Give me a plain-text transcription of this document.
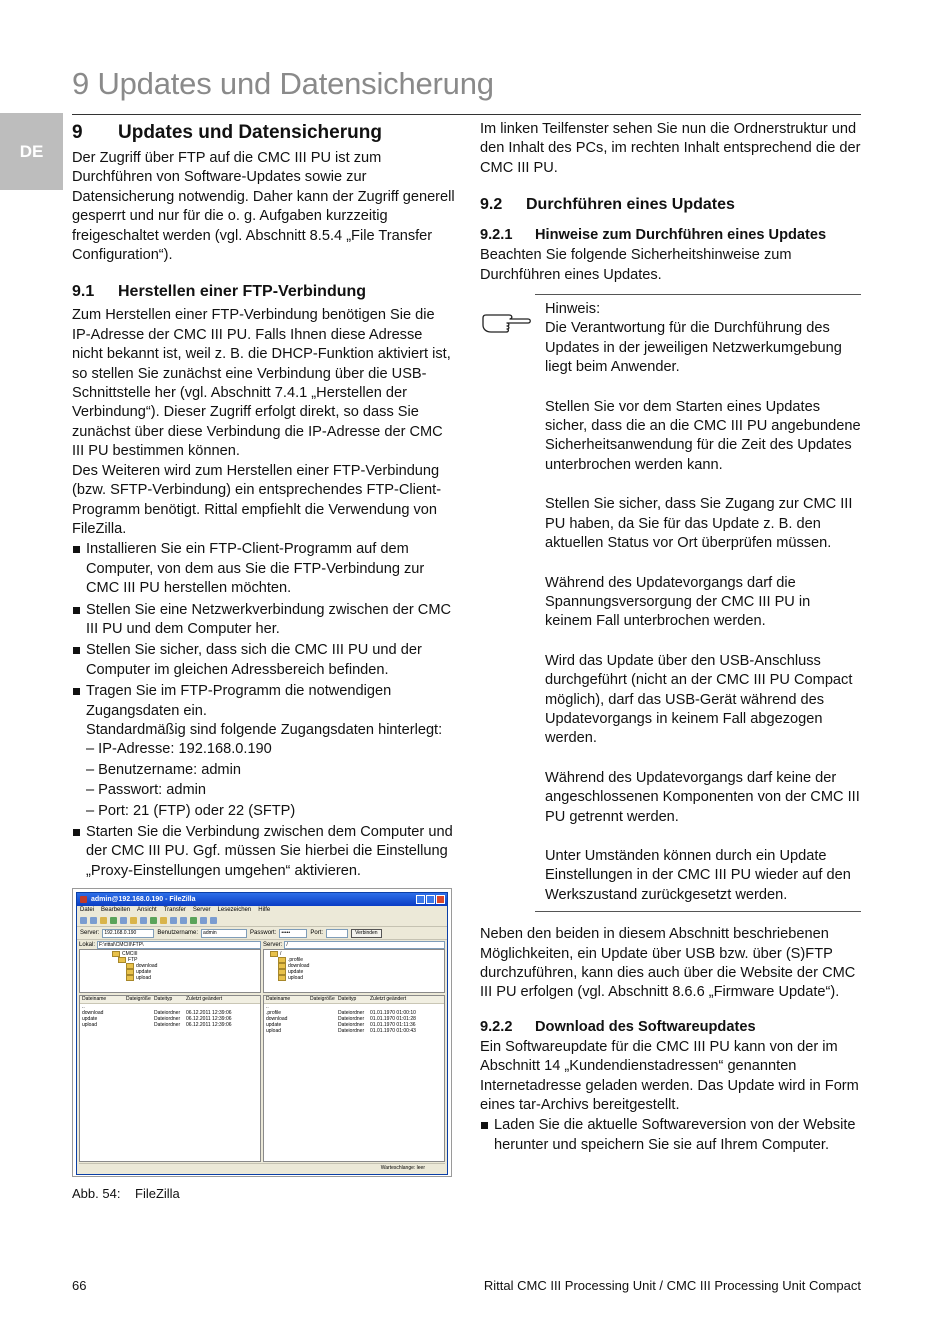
9 Updates und Datensicherung
DE
9	Updates und Datensicherung

Der Zugriff über FTP auf die CMC III PU ist zum Durchführen von Software-Updates sowie zur Datensicherung notwendig. Daher kann der Zugriff generell gesperrt und nur für die o. g. Aufgaben kurzzeitig freigeschaltet werden (vgl. Abschnitt 8.5.4 „File Transfer Configuration“).

9.1	Herstellen einer FTP-Verbindung

Zum Herstellen einer FTP-Verbindung benötigen Sie die IP-Adresse der CMC III PU. Falls Ihnen diese Adresse nicht bekannt ist, weil z. B. die DHCP-Funktion aktiviert ist, so stellen Sie zunächst eine Verbindung über die USB-Schnittstelle her (vgl. Abschnitt 7.4.1 „Herstellen der Verbindung“). Dieser Zugriff erfolgt direkt, so dass Sie zunächst über diese Verbindung die IP-Adresse der CMC III PU bestimmen können.

Des Weiteren wird zum Herstellen einer FTP-Verbindung (bzw. SFTP-Verbindung) ein entsprechendes FTP-Client-Programm benötigt. Rittal empfiehlt die Verwendung von FileZilla.

Installieren Sie ein FTP-Client-Programm auf dem Computer, von dem aus Sie die FTP-Verbindung zur CMC III PU herstellen möchten.
Stellen Sie eine Netzwerkverbindung zwischen der CMC III PU und dem Computer her.
Stellen Sie sicher, dass sich die CMC III PU und der Computer im gleichen Adressbereich befinden.
Tragen Sie im FTP-Programm die notwendigen Zugangsdaten ein.
Standardmäßig sind folgende Zugangsdaten hinterlegt:
– IP-Adresse: 192.168.0.190
– Benutzername: admin
– Passwort: admin
– Port: 21 (FTP) oder 22 (SFTP)
Starten Sie die Verbindung zwischen dem Computer und der CMC III PU. Ggf. müssen Sie hierbei die Einstellung „Proxy-Einstellungen umgehen“ aktivieren.
admin@192.168.0.190 - FileZilla
Datei Bearbeiten Ansicht Transfer Server Lesezeichen Hilfe
Server:	192.168.0.190	Benutzername:	admin	Passwort:	•••••	Port:	Verbinden
Lokal: F:\rittal\CMCIII\FTP\
CMCIII
FTP
download
update
upload
Dateiname	Dateigröße Dateityp	Zuletzt geändert
..
download	Dateiordner	06.12.2011 12:39:06
update	Dateiordner	06.12.2011 12:39:06
upload	Dateiordner	06.12.2011 12:39:06
Server: /
/
.profile
download
update
upload
Dateiname	Dateigröße Dateityp	Zuletzt geändert
..
.profile	Dateiordner	01.01.1970 01:00:10
download	Dateiordner	01.01.1970 01:01:28
update	Dateiordner	01.01.1970 01:11:36
upload	Dateiordner	01.01.1970 01:00:43
Warteschlange: leer
Abb. 54:	FileZilla

Im linken Teilfenster sehen Sie nun die Ordnerstruktur und den Inhalt des PCs, im rechten Inhalt entsprechend die der CMC III PU.

9.2	Durchführen eines Updates
9.2.1	Hinweise zum Durchführen eines Updates

Beachten Sie folgende Sicherheitshinweise zum Durchführen eines Updates.

Hinweis:

Die Verantwortung für die Durchführung des Updates in der jeweiligen Netzwerkumgebung liegt beim Anwender.

Stellen Sie vor dem Starten eines Updates sicher, dass die an die CMC III PU angebundene Sicherheitsanwendung für die Zeit des Updates unterbrochen werden kann.

Stellen Sie sicher, dass Sie Zugang zur CMC III PU haben, da Sie für das Update z. B. den aktuellen Status vor Ort überprüfen müssen.

Während des Updatevorgangs darf die Spannungsversorgung der CMC III PU in keinem Fall unterbrochen werden.

Wird das Update über den USB-Anschluss durchgeführt (nicht an der CMC III PU Compact möglich), darf das USB-Gerät während des Updatevorgangs in keinem Fall abgezogen werden.

Während des Updatevorgangs darf keine der angeschlossenen Komponenten von der CMC III PU getrennt werden.

Unter Umständen können durch ein Update Einstellungen in der CMC III PU wieder auf den Werkszustand zurückgesetzt werden.

Neben den beiden in diesem Abschnitt beschriebenen Möglichkeiten, ein Update über USB bzw. über (S)FTP durchzuführen, kann dies auch über die Website der CMC III PU erfolgen (vgl. Abschnitt 8.6.6 „Firmware Update“).

9.2.2	Download des Softwareupdates

Ein Softwareupdate für die CMC III PU kann von der im Abschnitt 14 „Kundendienstadressen“ genannten Internetadresse geladen werden. Das Update wird in Form eines tar-Archivs bereitgestellt.

Laden Sie die aktuelle Softwareversion von der Website herunter und speichern Sie sie auf Ihrem Computer.
66	Rittal CMC III Processing Unit / CMC III Processing Unit Compact
